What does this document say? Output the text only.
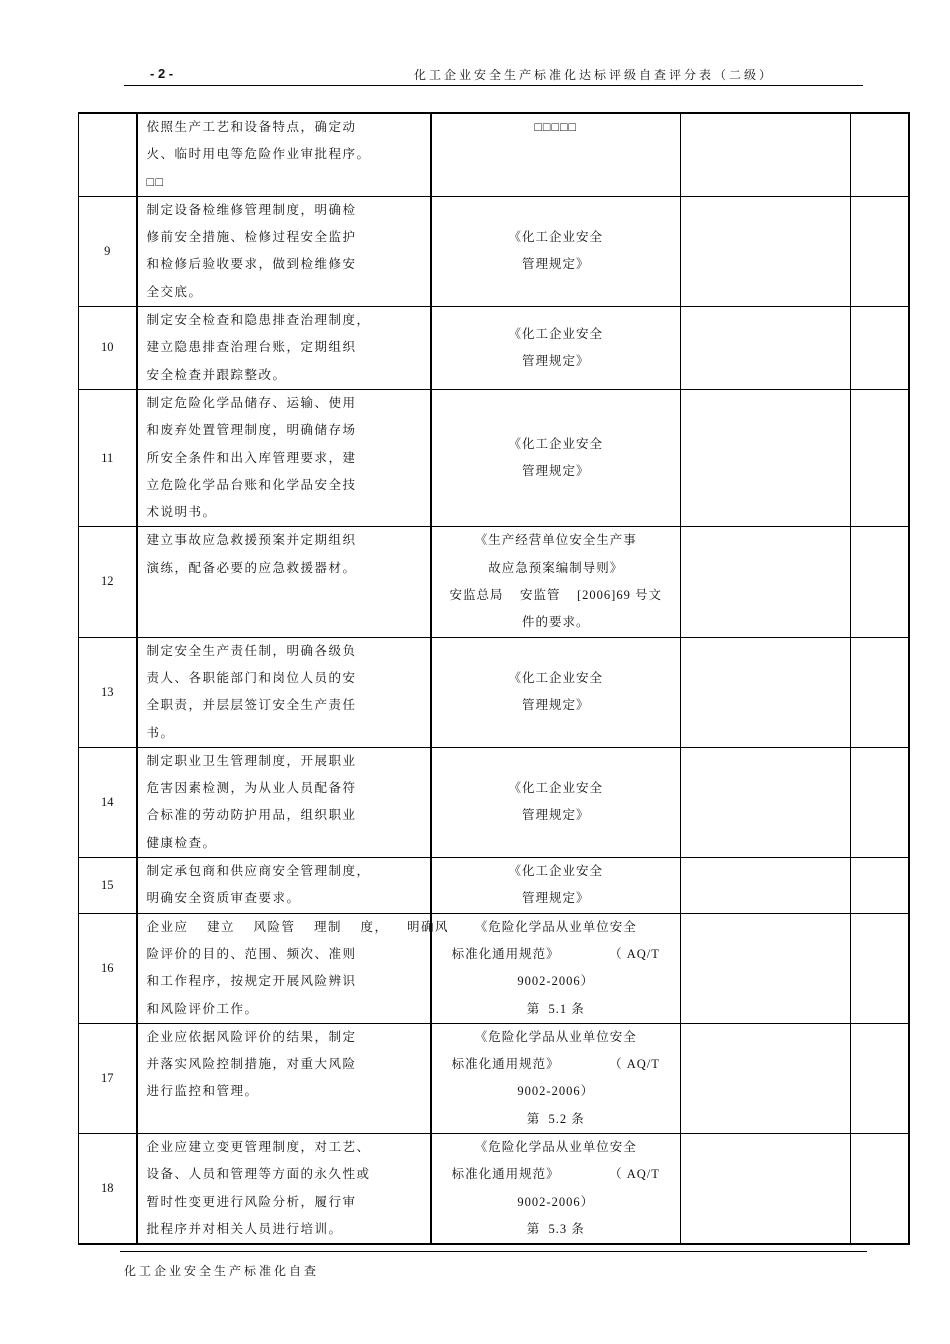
- 2 -	化工企业安全生产标准化达标评级自查评分表（二级）

	依照生产工艺和设备特点，确定动
火、临时用电等危险作业审批程序。
□□	□□□□□		

9	制定设备检维修管理制度，明确检
修前安全措施、检修过程安全监护
和检修后验收要求，做到检维修安
全交底。	《化工企业安全
管理规定》		

10	制定安全检查和隐患排查治理制度，
建立隐患排查治理台账，定期组织
安全检查并跟踪整改。	《化工企业安全
管理规定》		

11	制定危险化学品储存、运输、使用
和废弃处置管理制度，明确储存场
所安全条件和出入库管理要求，建
立危险化学品台账和化学品安全技
术说明书。	《化工企业安全
管理规定》		

12	建立事故应急救援预案并定期组织
演练，配备必要的应急救援器材。	《生产经营单位安全生产事
故应急预案编制导则》
安监总局    安监管    [2006]69 号文
件的要求。		

13	制定安全生产责任制，明确各级负
责人、各职能部门和岗位人员的安
全职责，并层层签订安全生产责任
书。	《化工企业安全
管理规定》		

14	制定职业卫生管理制度，开展职业
危害因素检测，为从业人员配备符
合标准的劳动防护用品，组织职业
健康检查。	《化工企业安全
管理规定》		

15	制定承包商和供应商安全管理制度，
明确安全资质审查要求。	《化工企业安全
管理规定》		

16	企业应    建立    风险管    理制    度，    明确风
险评价的目的、范围、频次、准则
和工作程序，按规定开展风险辨识
和风险评价工作。	《危险化学品从业单位安全
标准化通用规范》            （ AQ/T
9002-2006）
第  5.1 条		

17	企业应依据风险评价的结果，制定
并落实风险控制措施，对重大风险
进行监控和管理。	《危险化学品从业单位安全
标准化通用规范》            （ AQ/T
9002-2006）
第  5.2 条		

18	企业应建立变更管理制度，对工艺、
设备、人员和管理等方面的永久性或
暂时性变更进行风险分析，履行审
批程序并对相关人员进行培训。	《危险化学品从业单位安全
标准化通用规范》            （ AQ/T
9002-2006）
第  5.3 条		

化工企业安全生产标准化自查
